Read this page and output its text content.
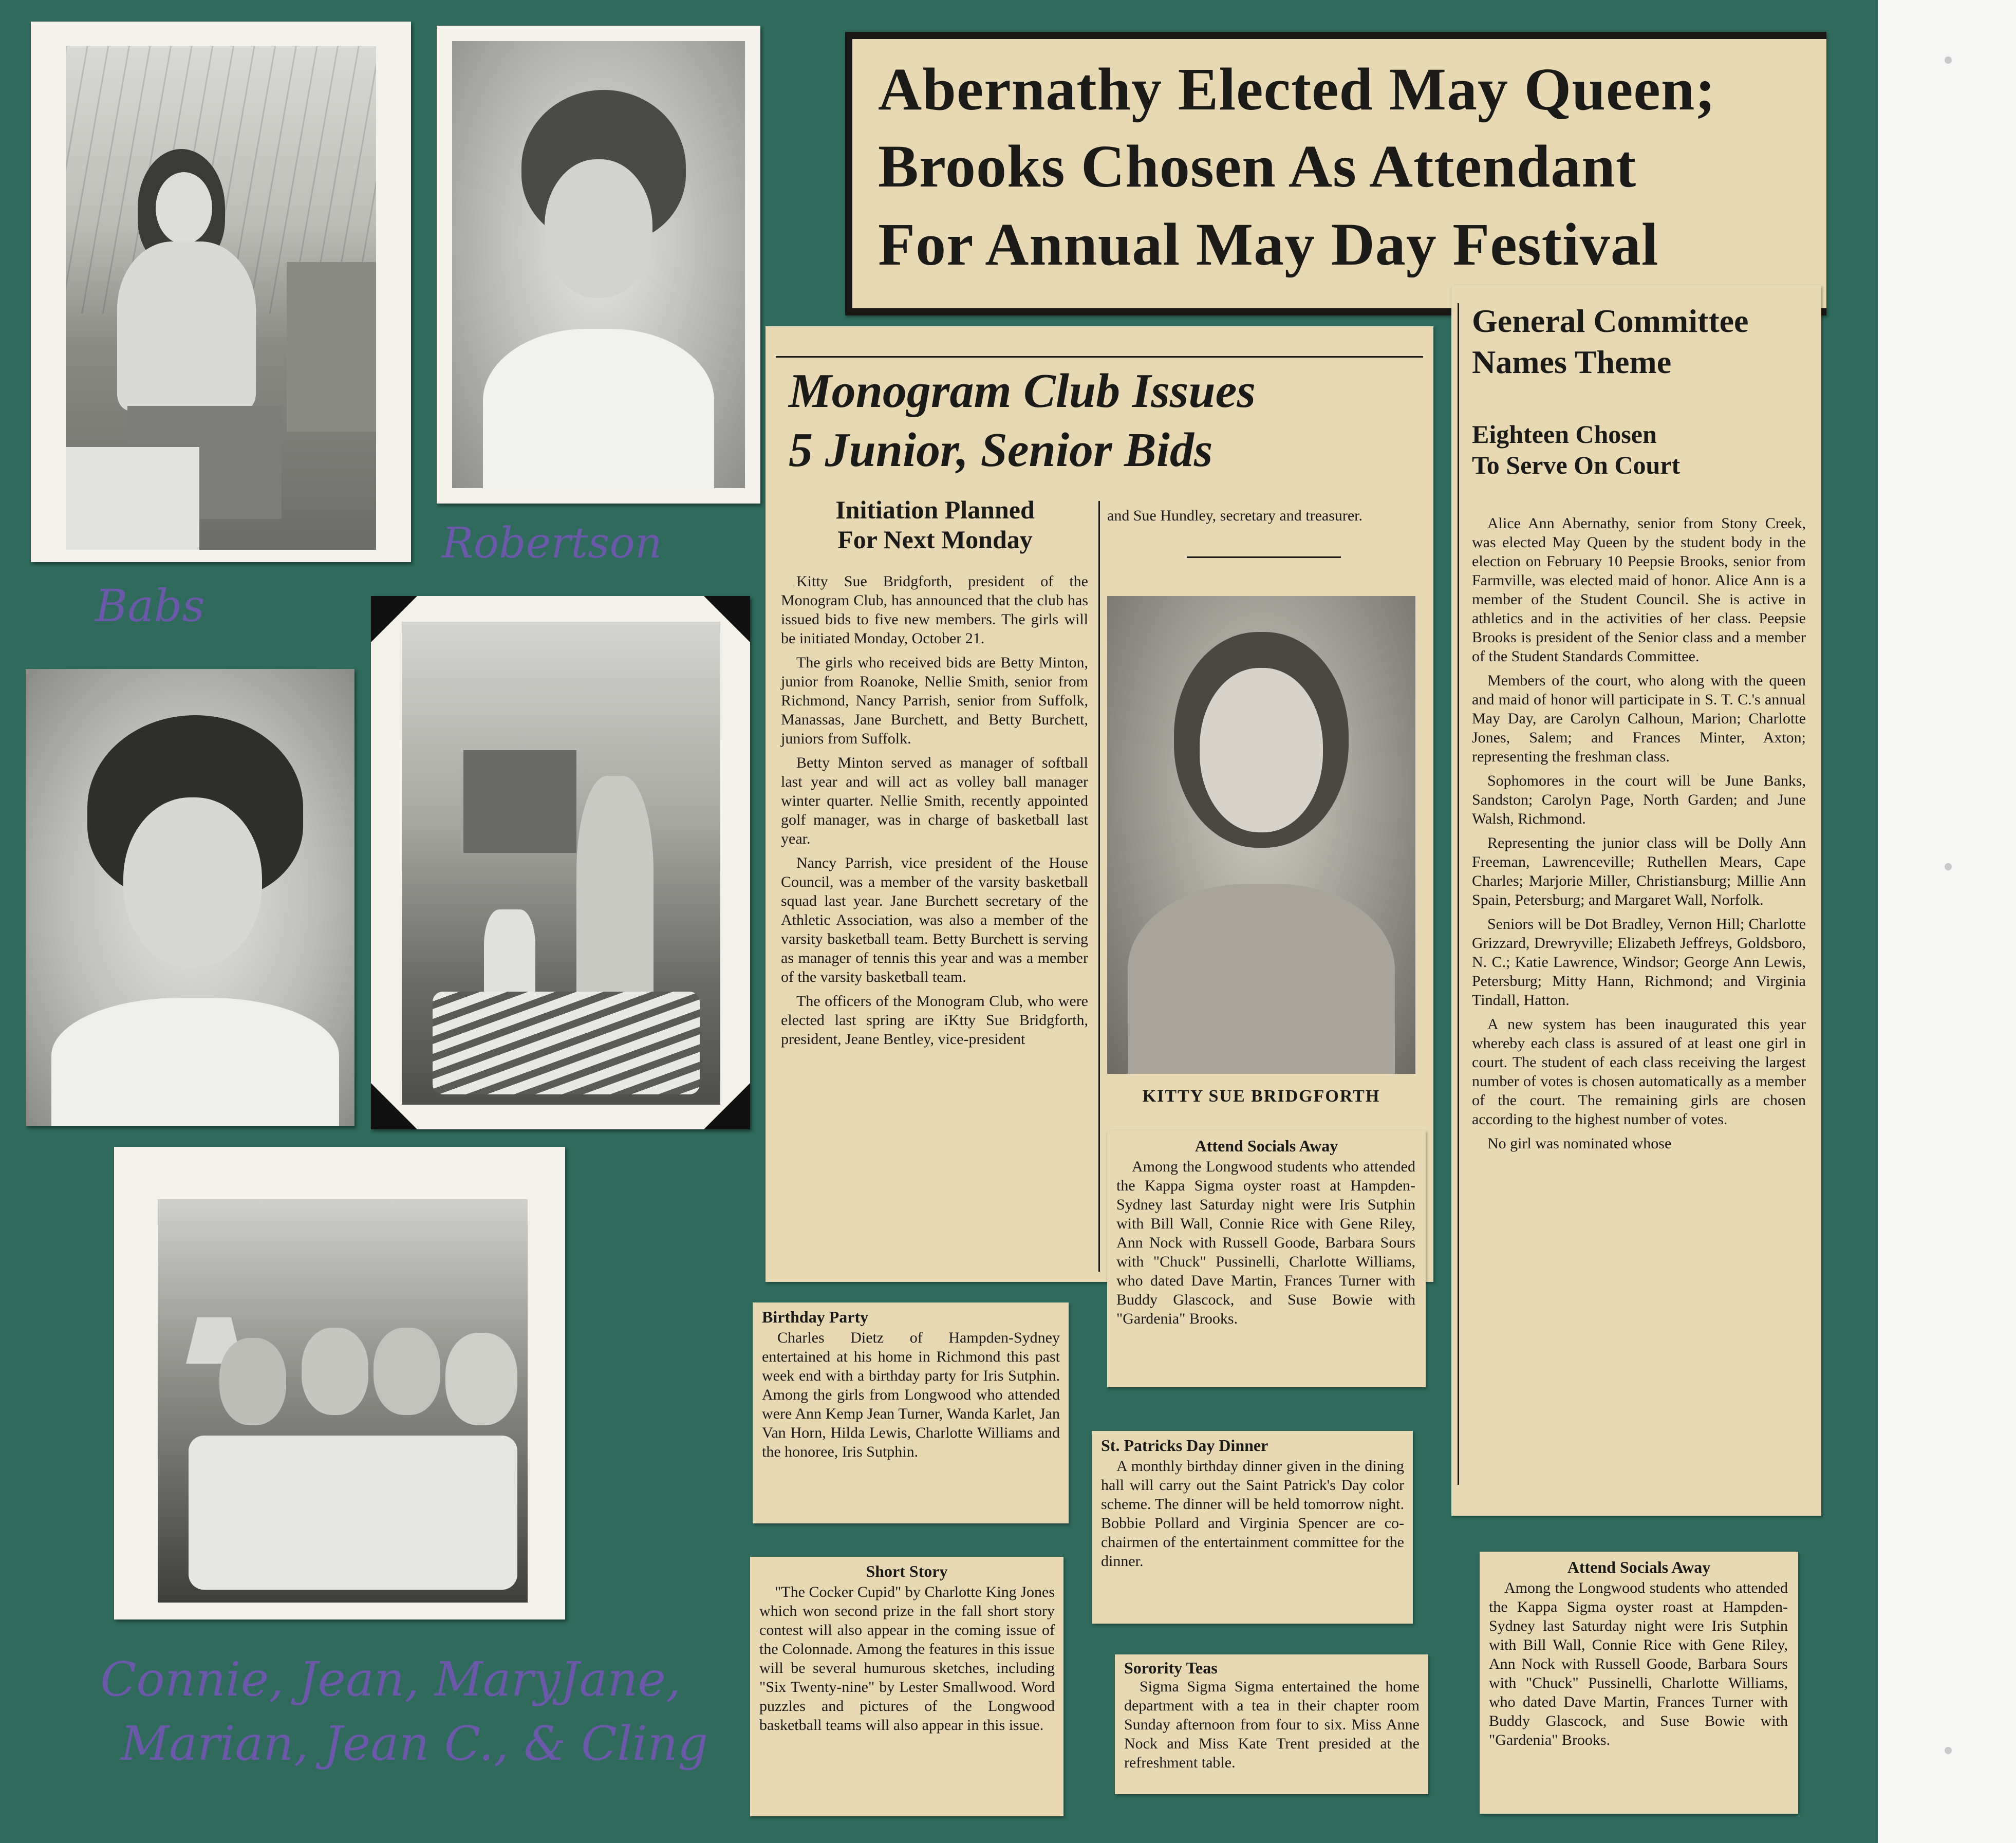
Robertson
Babs
Connie, Jean, MaryJane,
Marian, Jean C., & Cling
Abernathy Elected May Queen;
Brooks Chosen As Attendant
For Annual May Day Festival
General Committee
Names Theme
Eighteen Chosen
To Serve On Court

Alice Ann Abernathy, senior from Stony Creek, was elected May Queen by the student body in the election on February 10 Peepsie Brooks, senior from Farmville, was elected maid of honor. Alice Ann is a member of the Student Council. She is active in athletics and in the activities of her class. Peepsie Brooks is president of the Senior class and a member of the Student Standards Committee.

Members of the court, who along with the queen and maid of honor will participate in S. T. C.'s annual May Day, are Carolyn Calhoun, Marion; Charlotte Jones, Salem; and Frances Minter, Axton; representing the freshman class.

Sophomores in the court will be June Banks, Sandston; Carolyn Page, North Garden; and June Walsh, Richmond.

Representing the junior class will be Dolly Ann Freeman, Lawrenceville; Ruthellen Mears, Cape Charles; Marjorie Miller, Christiansburg; Millie Ann Spain, Petersburg; and Margaret Wall, Norfolk.

Seniors will be Dot Bradley, Vernon Hill; Charlotte Grizzard, Drewryville; Elizabeth Jeffreys, Goldsboro, N. C.; Katie Lawrence, Windsor; George Ann Lewis, Petersburg; Mitty Hann, Richmond; and Virginia Tindall, Hatton.

A new system has been inaugurated this year whereby each class is assured of at least one girl in court. The student of each class receiving the largest number of votes is chosen automatically as a member of the court. The remaining girls are chosen according to the highest number of votes.

No girl was nominated whose

Monogram Club Issues
5 Junior, Senior Bids
Initiation Planned
For Next Monday

Kitty Sue Bridgforth, president of the Monogram Club, has announced that the club has issued bids to five new members. The girls will be initiated Monday, October 21.

The girls who received bids are Betty Minton, junior from Roanoke, Nellie Smith, senior from Richmond, Nancy Parrish, senior from Suffolk, Manassas, Jane Burchett, and Betty Burchett, juniors from Suffolk.

Betty Minton served as manager of softball last year and will act as volley ball manager winter quarter. Nellie Smith, recently appointed golf manager, was in charge of basketball last year.

Nancy Parrish, vice president of the House Council, was a member of the varsity basketball squad last year. Jane Burchett secretary of the Athletic Association, was also a member of the varsity basketball team. Betty Burchett is serving as manager of tennis this year and was a member of the varsity basketball team.

The officers of the Monogram Club, who were elected last spring are iKtty Sue Bridgforth, president, Jeane Bentley, vice-president

and Sue Hundley, secretary and treasurer.

KITTY SUE BRIDGFORTH
Attend Socials Away
Among the Longwood students who attended the Kappa Sigma oyster roast at Hampden-Sydney last Saturday night were Iris Sutphin with Bill Wall, Connie Rice with Gene Riley, Ann Nock with Russell Goode, Barbara Sours with "Chuck" Pussinelli, Charlotte Williams, who dated Dave Martin, Frances Turner with Buddy Glascock, and Suse Bowie with "Gardenia" Brooks.
Birthday Party
Charles Dietz of Hampden-Sydney entertained at his home in Richmond this past week end with a birthday party for Iris Sutphin. Among the girls from Longwood who attended were Ann Kemp Jean Turner, Wanda Karlet, Jan Van Horn, Hilda Lewis, Charlotte Williams and the honoree, Iris Sutphin.	St. Patricks Day Dinner
A monthly birthday dinner given in the dining hall will carry out the Saint Patrick's Day color scheme. The dinner will be held tomorrow night. Bobbie Pollard and Virginia Spencer are co-chairmen of the entertainment committee for the dinner.
Short Story
"The Cocker Cupid" by Charlotte King Jones which won second prize in the fall short story contest will also appear in the coming issue of the Colonnade. Among the features in this issue will be several humurous sketches, including "Six Twenty-nine" by Lester Smallwood. Word puzzles and pictures of the Longwood basketball teams will also appear in this issue.
Sorority Teas
Sigma Sigma Sigma entertained the home department with a tea in their chapter room Sunday afternoon from four to six. Miss Anne Nock and Miss Kate Trent presided at the refreshment table.
Attend Socials Away
Among the Longwood students who attended the Kappa Sigma oyster roast at Hampden-Sydney last Saturday night were Iris Sutphin with Bill Wall, Connie Rice with Gene Riley, Ann Nock with Russell Goode, Barbara Sours with "Chuck" Pussinelli, Charlotte Williams, who dated Dave Martin, Frances Turner with Buddy Glascock, and Suse Bowie with "Gardenia" Brooks.
